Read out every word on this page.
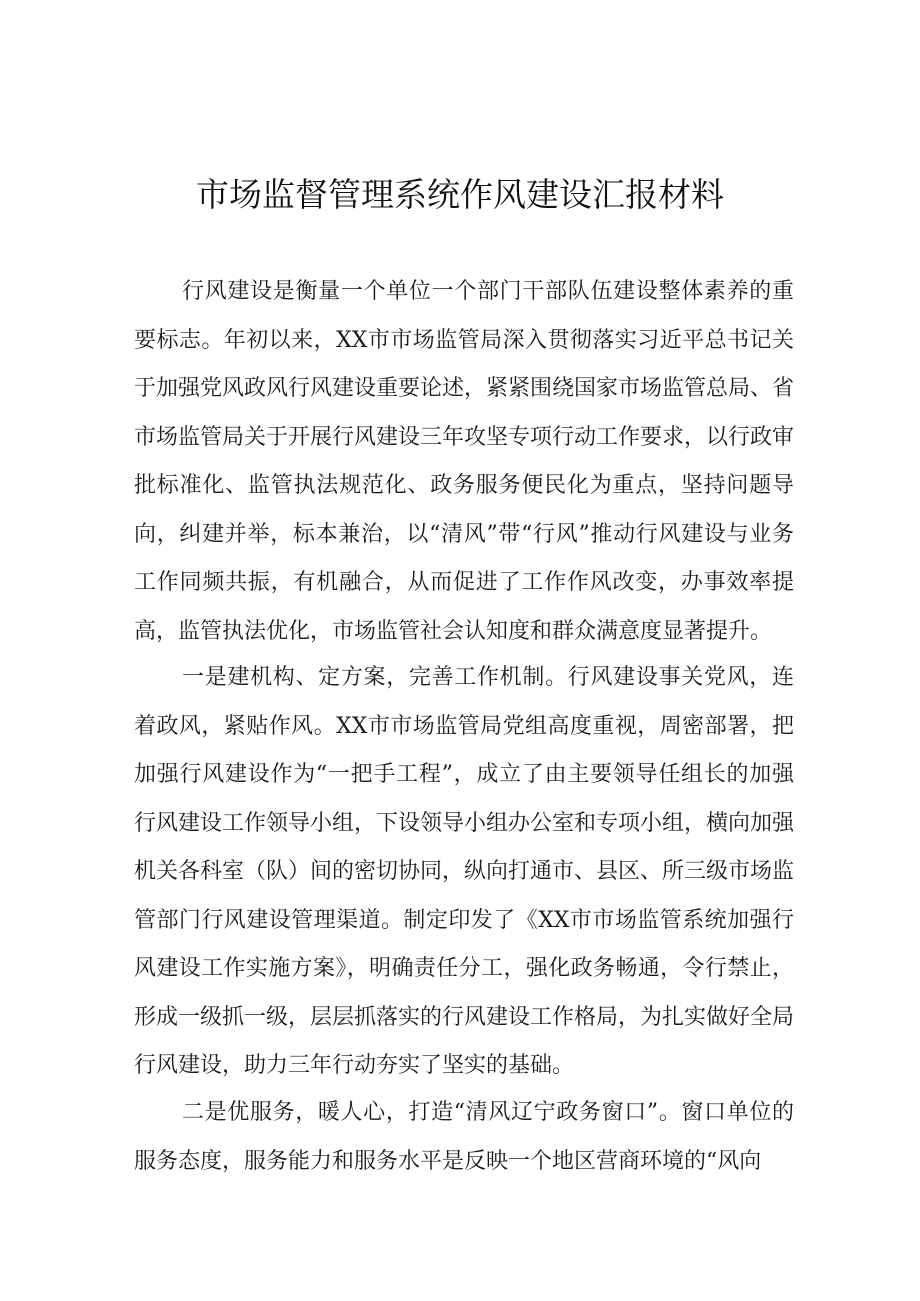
市场监督管理系统作风建设汇报材料

行风建设是衡量一个单位一个部门干部队伍建设整体素养的重要标志。年初以来，XX市市场监管局深入贯彻落实习近平总书记关于加强党风政风行风建设重要论述，紧紧围绕国家市场监管总局、省市场监管局关于开展行风建设三年攻坚专项行动工作要求，以行政审批标准化、监管执法规范化、政务服务便民化为重点，坚持问题导向，纠建并举，标本兼治，以“清风”带“行风”推动行风建设与业务工作同频共振，有机融合，从而促进了工作作风改变，办事效率提高，监管执法优化，市场监管社会认知度和群众满意度显著提升。

一是建机构、定方案，完善工作机制。行风建设事关党风，连着政风，紧贴作风。XX市市场监管局党组高度重视，周密部署，把加强行风建设作为“一把手工程”，成立了由主要领导任组长的加强行风建设工作领导小组，下设领导小组办公室和专项小组，横向加强机关各科室（队）间的密切协同，纵向打通市、县区、所三级市场监管部门行风建设管理渠道。制定印发了《XX市市场监管系统加强行风建设工作实施方案》，明确责任分工，强化政务畅通，令行禁止，形成一级抓一级，层层抓落实的行风建设工作格局，为扎实做好全局行风建设，助力三年行动夯实了坚实的基础。

二是优服务，暖人心，打造“清风辽宁政务窗口”。窗口单位的服务态度，服务能力和服务水平是反映一个地区营商环境的“风向
